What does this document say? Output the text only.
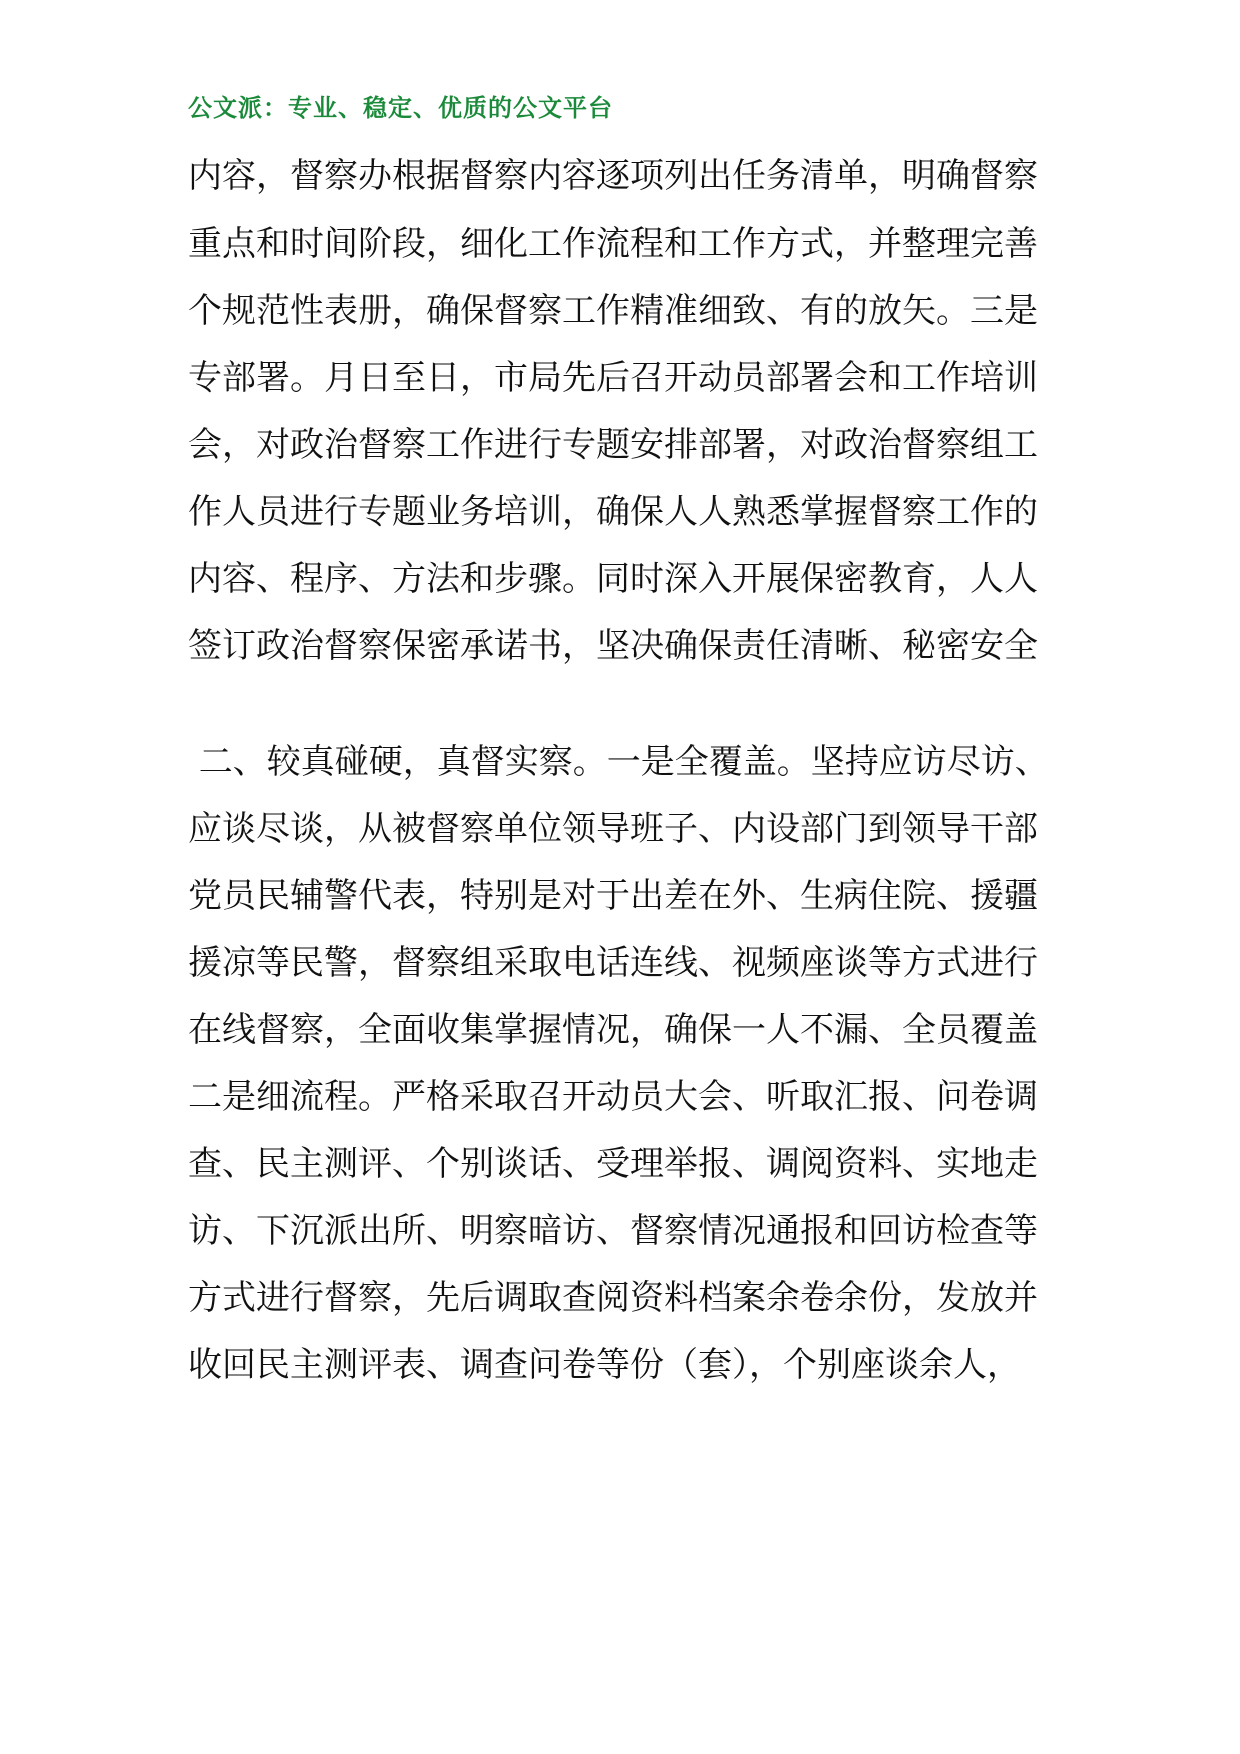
公文派：专业、稳定、优质的公文平台
内容，督察办根据督察内容逐项列出任务清单，明确督察
重点和时间阶段，细化工作流程和工作方式，并整理完善
个规范性表册，确保督察工作精准细致、有的放矢。三是
专部署。月日至日，市局先后召开动员部署会和工作培训
会，对政治督察工作进行专题安排部署，对政治督察组工
作人员进行专题业务培训，确保人人熟悉掌握督察工作的
内容、程序、方法和步骤。同时深入开展保密教育，人人
签订政治督察保密承诺书，坚决确保责任清晰、秘密安全
二、较真碰硬，真督实察。一是全覆盖。坚持应访尽访、
应谈尽谈，从被督察单位领导班子、内设部门到领导干部
党员民辅警代表，特别是对于出差在外、生病住院、援疆
援凉等民警，督察组采取电话连线、视频座谈等方式进行
在线督察，全面收集掌握情况，确保一人不漏、全员覆盖
二是细流程。严格采取召开动员大会、听取汇报、问卷调
查、民主测评、个别谈话、受理举报、调阅资料、实地走
访、下沉派出所、明察暗访、督察情况通报和回访检查等
方式进行督察，先后调取查阅资料档案余卷余份，发放并
收回民主测评表、调查问卷等份（套），个别座谈余人，
